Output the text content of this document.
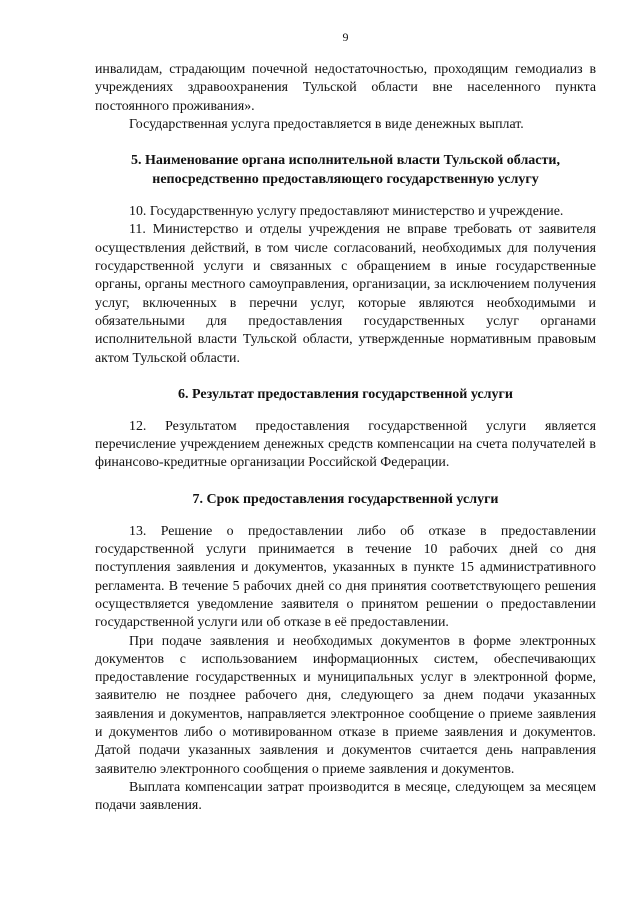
9

инвалидам, страдающим почечной недостаточностью, проходящим гемодиализ в учреждениях здравоохранения Тульской области вне населенного пункта постоянного проживания».

Государственная услуга предоставляется в виде денежных выплат.

5. Наименование органа исполнительной власти Тульской области, непосредственно предоставляющего государственную услугу

10. Государственную услугу предоставляют министерство и учреждение.

11. Министерство и отделы учреждения не вправе требовать от заявителя осуществления действий, в том числе согласований, необходимых для получения государственной услуги и связанных с обращением в иные государственные органы, органы местного самоуправления, организации, за исключением получения услуг, включенных в перечни услуг, которые являются необходимыми и обязательными для предоставления государственных услуг органами исполнительной власти Тульской области, утвержденные нормативным правовым актом Тульской области.

6. Результат предоставления государственной услуги

12. Результатом предоставления государственной услуги является перечисление учреждением денежных средств компенсации на счета получателей в финансово-кредитные организации Российской Федерации.

7. Срок предоставления государственной услуги

13. Решение о предоставлении либо об отказе в предоставлении государственной услуги принимается в течение 10 рабочих дней со дня поступления заявления и документов, указанных в пункте 15 административного регламента. В течение 5 рабочих дней со дня принятия соответствующего решения осуществляется уведомление заявителя о принятом решении о предоставлении государственной услуги или об отказе в её предоставлении.

При подаче заявления и необходимых документов в форме электронных документов с использованием информационных систем, обеспечивающих предоставление государственных и муниципальных услуг в электронной форме, заявителю не позднее рабочего дня, следующего за днем подачи указанных заявления и документов, направляется электронное сообщение о приеме заявления и документов либо о мотивированном отказе в приеме заявления и документов. Датой подачи указанных заявления и документов считается день направления заявителю электронного сообщения о приеме заявления и документов.

Выплата компенсации затрат производится в месяце, следующем за месяцем подачи заявления.
